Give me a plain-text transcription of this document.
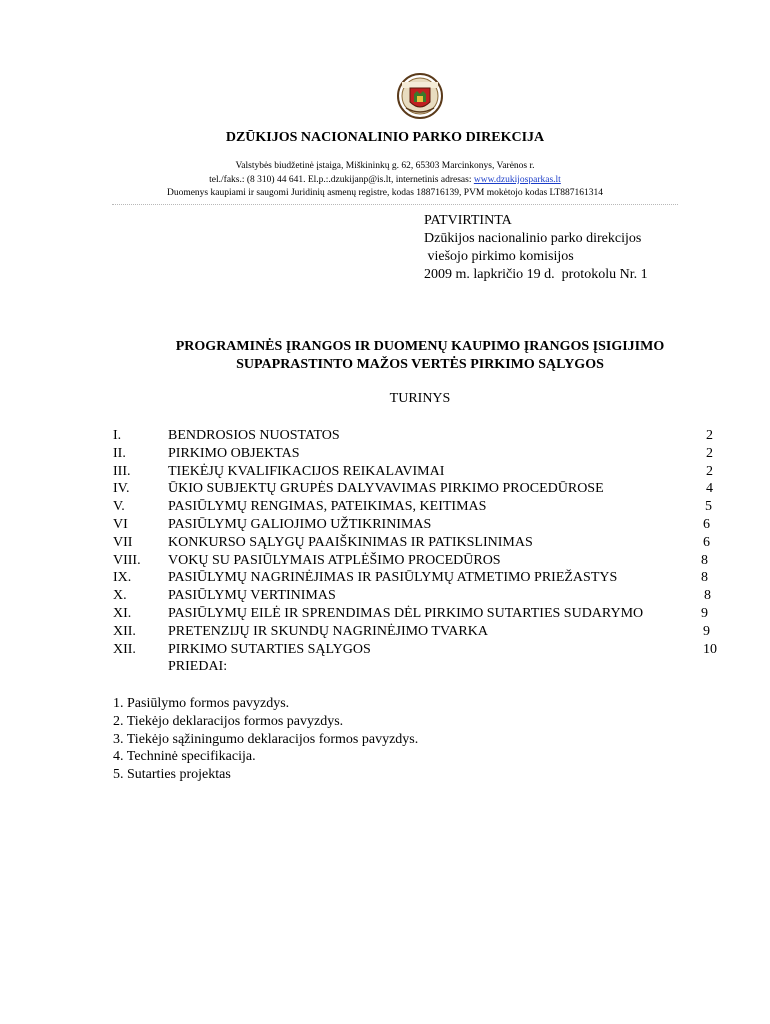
DZŪKIJOS NACIONALINIO PARKO DIREKCIJA
Valstybės biudžetinė įstaiga, Miškininkų g. 62, 65303 Marcinkonys, Varėnos r.
tel./faks.: (8 310) 44 641. El.p.:.dzukijanp@is.lt, internetinis adresas: www.dzukijosparkas.lt
Duomenys kaupiami ir saugomi Juridinių asmenų registre, kodas 188716139, PVM mokėtojo kodas LT887161314
PATVIRTINTA
Dzūkijos nacionalinio parko direkcijos
viešojo pirkimo komisijos
2009 m. lapkričio 19 d.  protokolu Nr. 1
PROGRAMINĖS ĮRANGOS IR DUOMENŲ KAUPIMO ĮRANGOS ĮSIGIJIMO
SUPAPRASTINTO MAŽOS VERTĖS PIRKIMO SĄLYGOS
TURINYS
I.	BENDROSIOS NUOSTATOS	2
II.	PIRKIMO OBJEKTAS	2
III.	TIEKĖJŲ KVALIFIKACIJOS REIKALAVIMAI	2
IV.	ŪKIO SUBJEKTŲ GRUPĖS DALYVAVIMAS PIRKIMO PROCEDŪROSE	4
V.	PASIŪLYMŲ RENGIMAS, PATEIKIMAS, KEITIMAS	5
VI	PASIŪLYMŲ GALIOJIMO UŽTIKRINIMAS	6
VII	KONKURSO SĄLYGŲ PAAIŠKINIMAS IR PATIKSLINIMAS	6
VIII. VOKŲ SU PASIŪLYMAIS ATPLĖŠIMO PROCEDŪROS	8
IX.	PASIŪLYMŲ NAGRINĖJIMAS IR PASIŪLYMŲ ATMETIMO PRIEŽASTYS	8
X.	PASIŪLYMŲ VERTINIMAS	8
XI.	PASIŪLYMŲ EILĖ IR SPRENDIMAS DĖL PIRKIMO SUTARTIES SUDARYMO	9
XII. PRETENZIJŲ IR SKUNDŲ NAGRINĖJIMO TVARKA	9
XII. PIRKIMO SUTARTIES SĄLYGOS	10
PRIEDAI:
1. Pasiūlymo formos pavyzdys.
2. Tiekėjo deklaracijos formos pavyzdys.
3. Tiekėjo sąžiningumo deklaracijos formos pavyzdys.
4. Techninė specifikacija.
5. Sutarties projektas
